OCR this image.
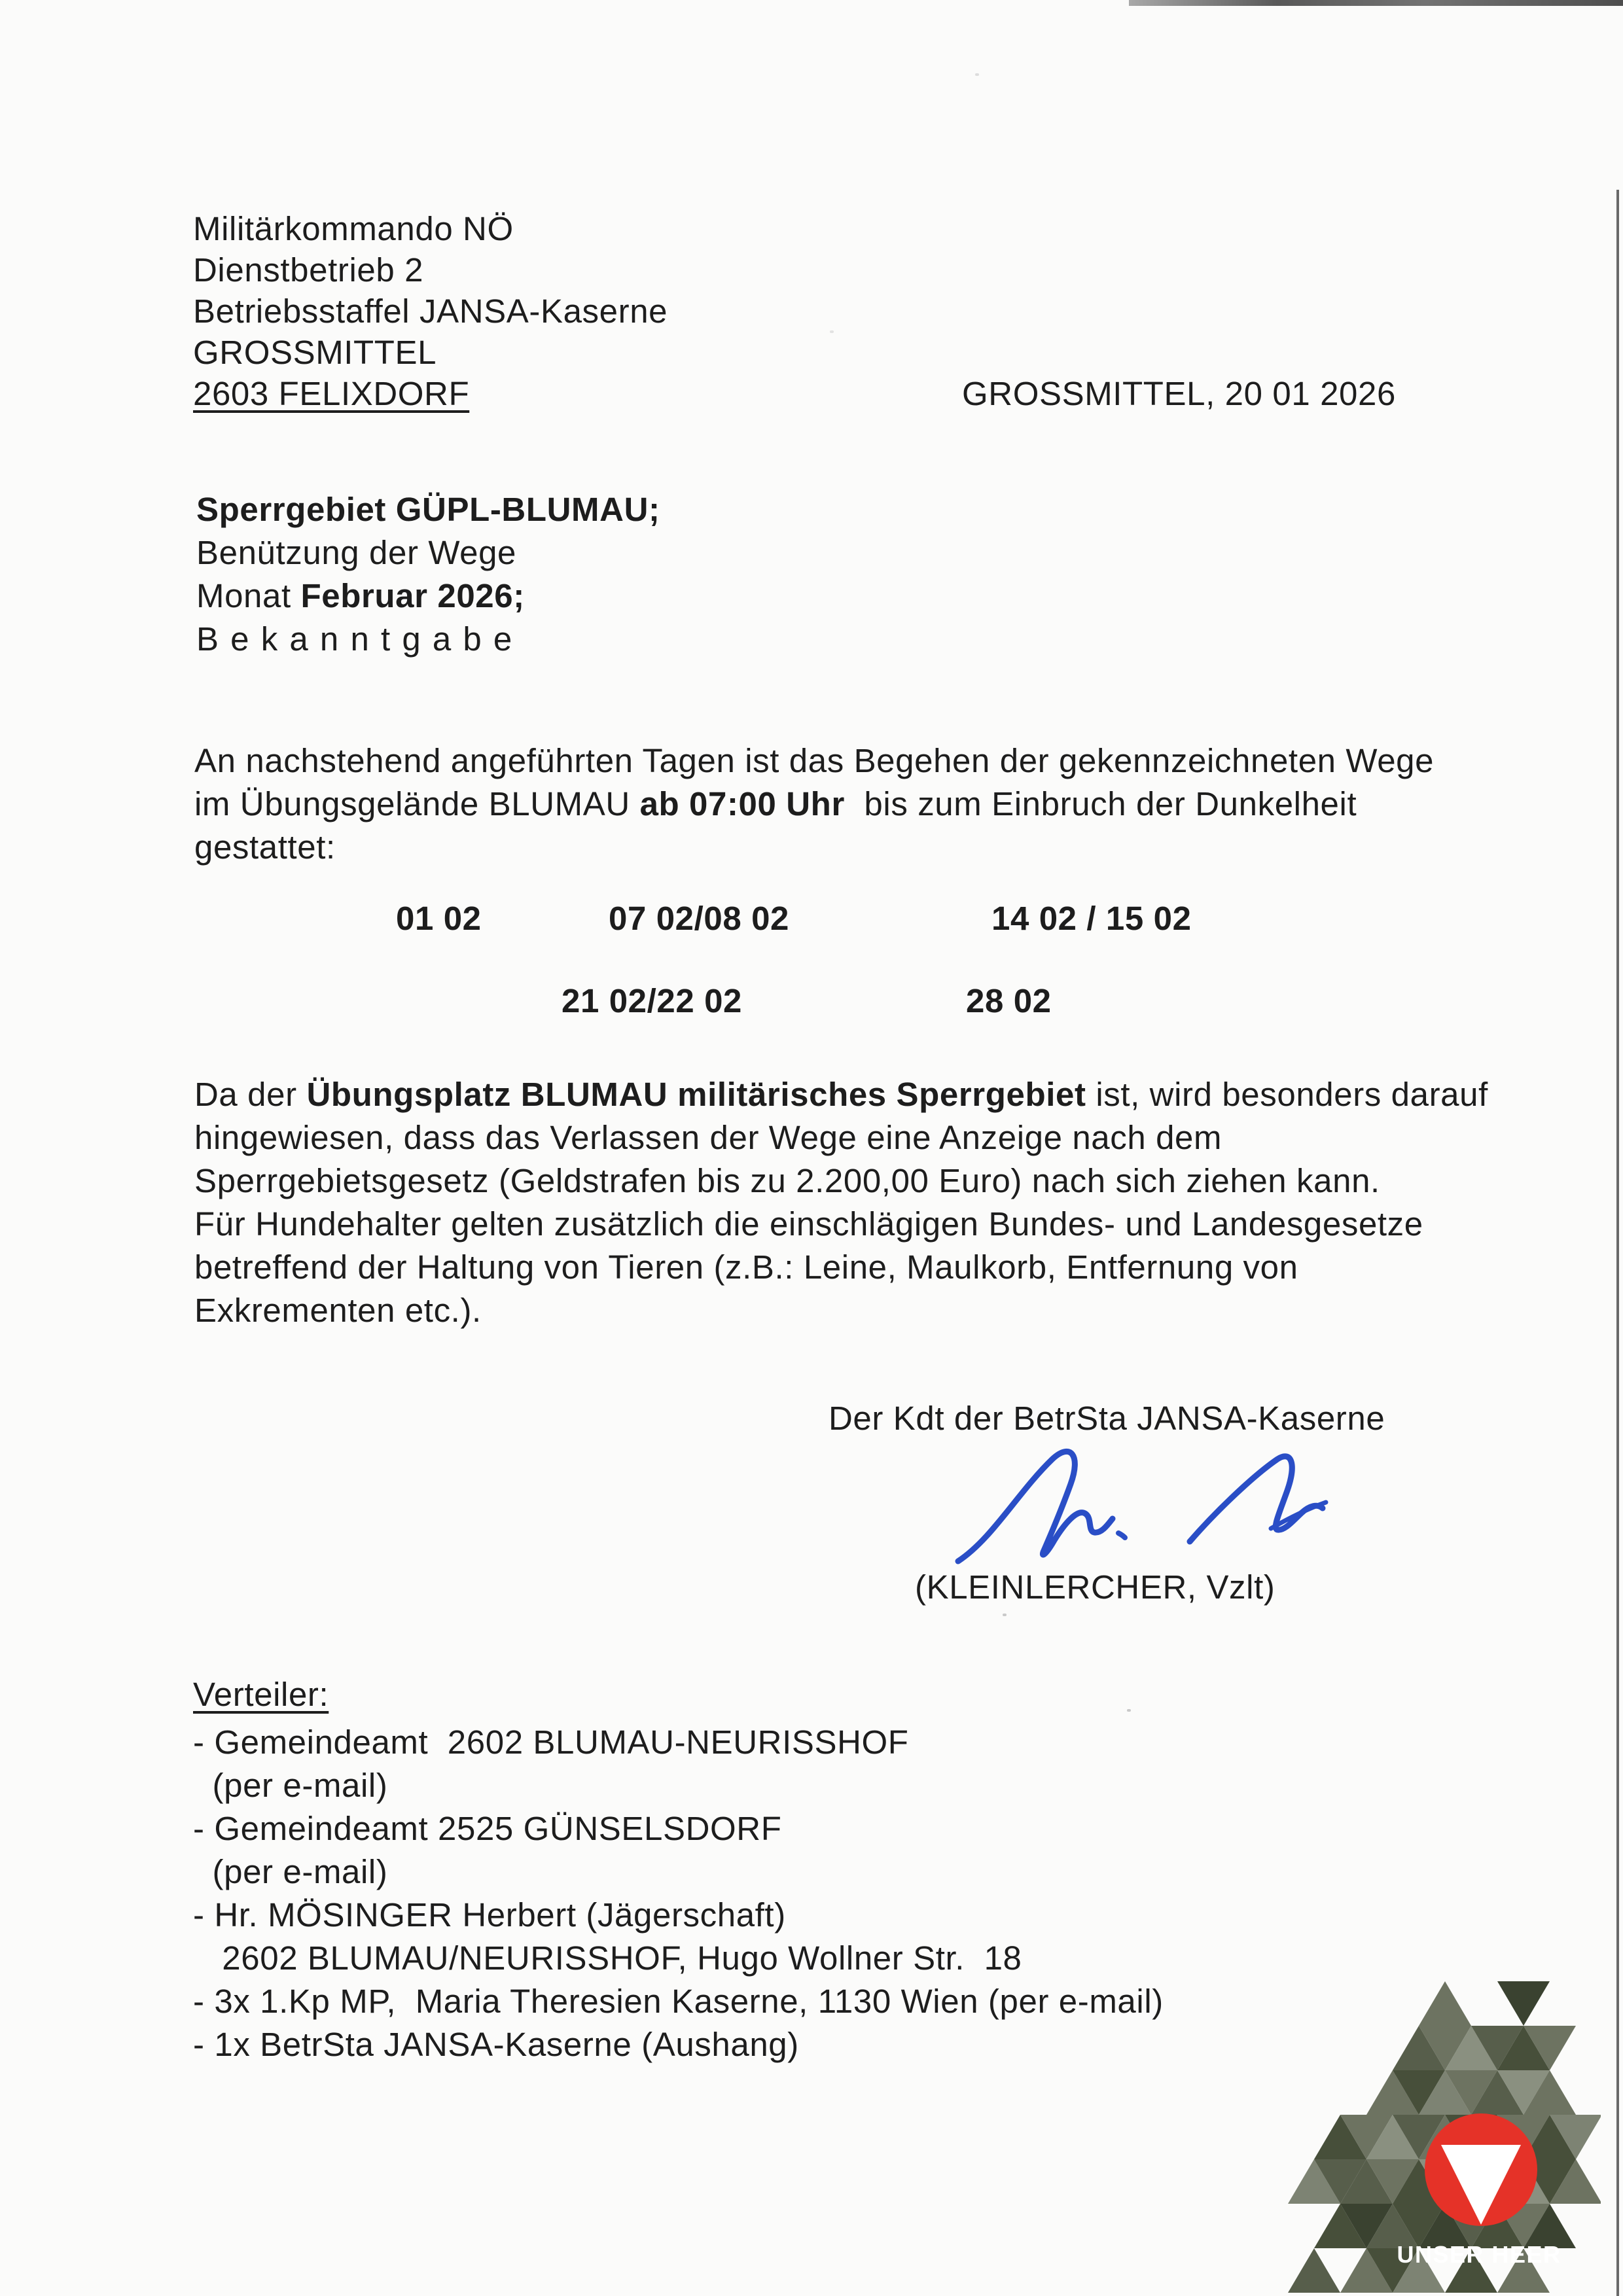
Militärkommando NÖ
Dienstbetrieb 2
Betriebsstaffel JANSA-Kaserne
GROSSMITTEL
2603 FELIXDORF	GROSSMITTEL, 20 01 2026
Sperrgebiet GÜPL-BLUMAU;
Benützung der Wege
Monat Februar 2026;
B e k a n n t g a b e
An nachstehend angeführten Tagen ist das Begehen der gekennzeichneten Wege
im Übungsgelände BLUMAU ab 07:00 Uhr  bis zum Einbruch der Dunkelheit
gestattet:
01 02	07 02/08 02	14 02 / 15 02
21 02/22 02	28 02
Da der Übungsplatz BLUMAU militärisches Sperrgebiet ist, wird besonders darauf
hingewiesen, dass das Verlassen der Wege eine Anzeige nach dem
Sperrgebietsgesetz (Geldstrafen bis zu 2.200,00 Euro) nach sich ziehen kann.
Für Hundehalter gelten zusätzlich die einschlägigen Bundes- und Landesgesetze
betreffend der Haltung von Tieren (z.B.: Leine, Maulkorb, Entfernung von
Exkrementen etc.).
Der Kdt der BetrSta JANSA-Kaserne
(KLEINLERCHER, Vzlt)
Verteiler:
- Gemeindeamt  2602 BLUMAU-NEURISSHOF
(per e-mail)
- Gemeindeamt 2525 GÜNSELSDORF
(per e-mail)
- Hr. MÖSINGER Herbert (Jägerschaft)
2602 BLUMAU/NEURISSHOF, Hugo Wollner Str.  18
- 3x 1.Kp MP,  Maria Theresien Kaserne, 1130 Wien (per e-mail)
- 1x BetrSta JANSA-Kaserne (Aushang)
UNSER HEER
